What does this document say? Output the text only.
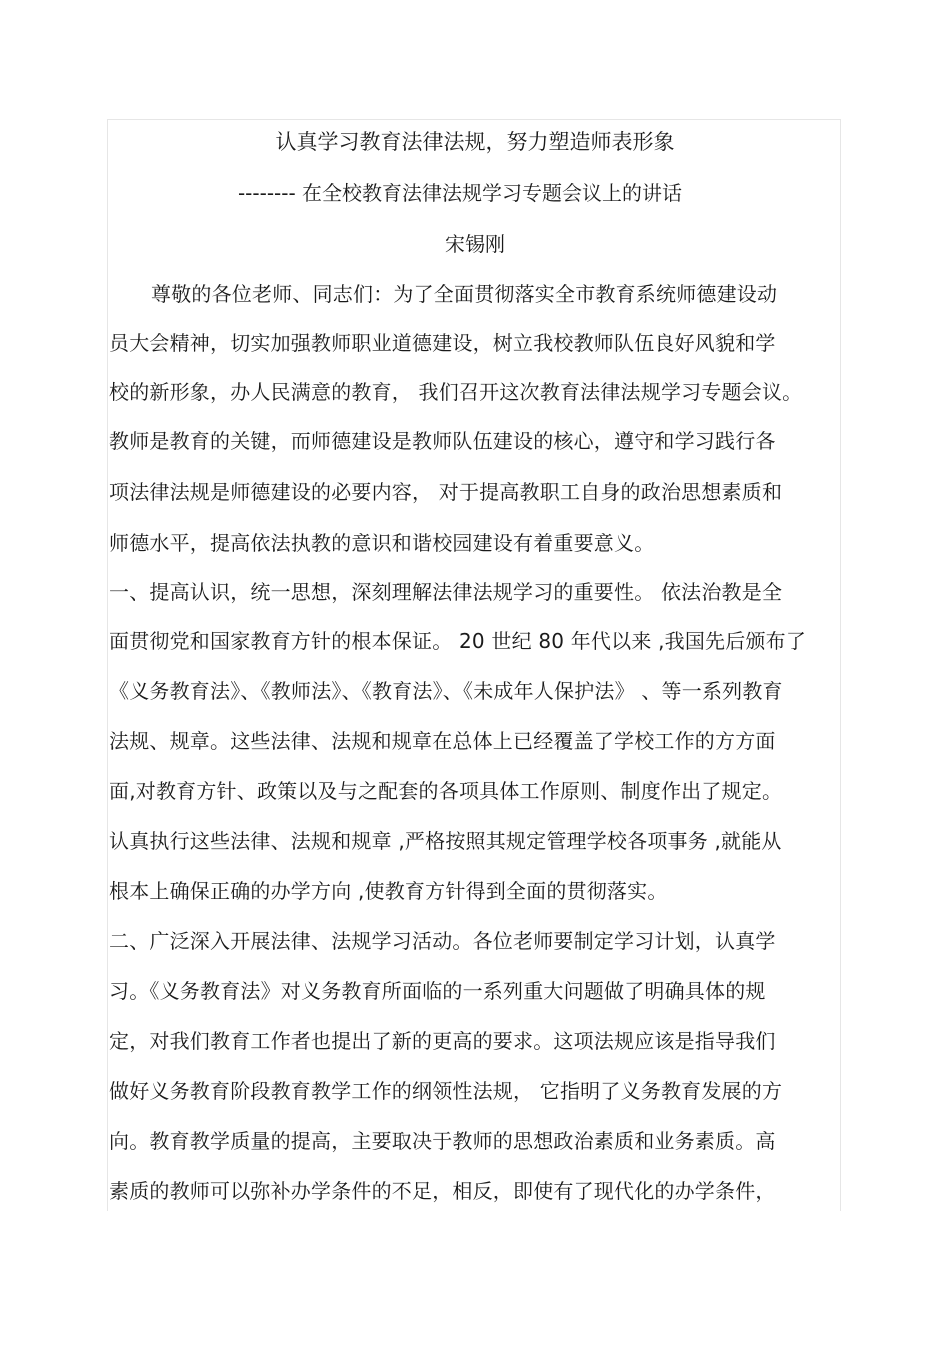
认真学习教育法律法规，努力塑造师表形象
-------- 在全校教育法律法规学习专题会议上的讲话
宋锡刚
尊敬的各位老师、同志们：为了全面贯彻落实全市教育系统师德建设动
员大会精神，切实加强教师职业道德建设，树立我校教师队伍良好风貌和学
校的新形象，办人民满意的教育， 我们召开这次教育法律法规学习专题会议。
教师是教育的关键，而师德建设是教师队伍建设的核心，遵守和学习践行各
项法律法规是师德建设的必要内容， 对于提高教职工自身的政治思想素质和
师德水平，提高依法执教的意识和谐校园建设有着重要意义。
一、提高认识，统一思想，深刻理解法律法规学习的重要性。 依法治教是全
面贯彻党和国家教育方针的根本保证。 20 世纪 80 年代以来 ,我国先后颁布了
《义务教育法》、《教师法》、《教育法》、《未成年人保护法》 、等一系列教育
法规、规章。这些法律、法规和规章在总体上已经覆盖了学校工作的方方面
面,对教育方针、政策以及与之配套的各项具体工作原则、制度作出了规定。
认真执行这些法律、法规和规章 ,严格按照其规定管理学校各项事务 ,就能从
根本上确保正确的办学方向 ,使教育方针得到全面的贯彻落实。
二、广泛深入开展法律、法规学习活动。各位老师要制定学习计划，认真学
习。《义务教育法》对义务教育所面临的一系列重大问题做了明确具体的规
定，对我们教育工作者也提出了新的更高的要求。这项法规应该是指导我们
做好义务教育阶段教育教学工作的纲领性法规， 它指明了义务教育发展的方
向。教育教学质量的提高，主要取决于教师的思想政治素质和业务素质。高
素质的教师可以弥补办学条件的不足，相反，即使有了现代化的办学条件，
